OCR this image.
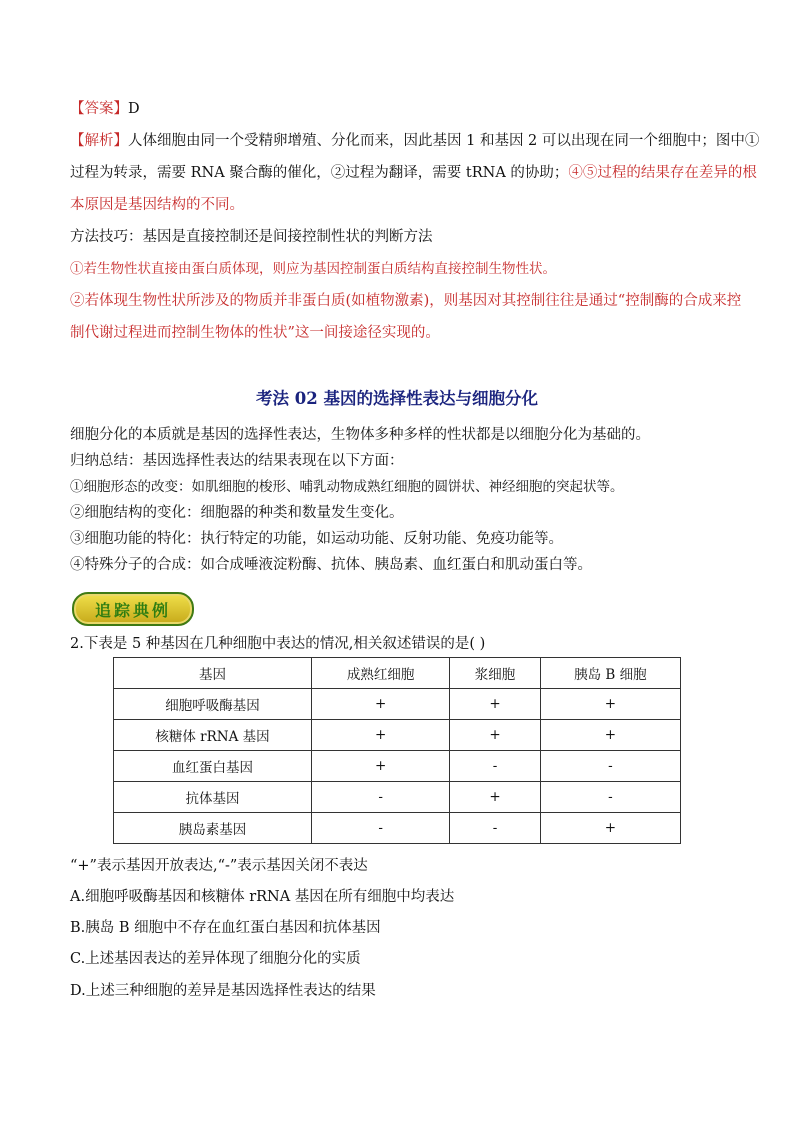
【答案】D
【解析】人体细胞由同一个受精卵增殖、分化而来，因此基因 1 和基因 2 可以出现在同一个细胞中；图中①
过程为转录，需要 RNA 聚合酶的催化，②过程为翻译，需要 tRNA 的协助；④⑤过程的结果存在差异的根
本原因是基因结构的不同。
方法技巧：基因是直接控制还是间接控制性状的判断方法
①若生物性状直接由蛋白质体现，则应为基因控制蛋白质结构直接控制生物性状。
②若体现生物性状所涉及的物质并非蛋白质(如植物激素)，则基因对其控制往往是通过“控制酶的合成来控
制代谢过程进而控制生物体的性状”这一间接途径实现的。
考法 02 基因的选择性表达与细胞分化
细胞分化的本质就是基因的选择性表达，生物体多种多样的性状都是以细胞分化为基础的。
归纳总结：基因选择性表达的结果表现在以下方面：
①细胞形态的改变：如肌细胞的梭形、哺乳动物成熟红细胞的圆饼状、神经细胞的突起状等。
②细胞结构的变化：细胞器的种类和数量发生变化。
③细胞功能的特化：执行特定的功能，如运动功能、反射功能、免疫功能等。
④特殊分子的合成：如合成唾液淀粉酶、抗体、胰岛素、血红蛋白和肌动蛋白等。
追踪典例
2.下表是 5 种基因在几种细胞中表达的情况,相关叙述错误的是( )
基因	成熟红细胞	浆细胞	胰岛 B 细胞
细胞呼吸酶基因	+	+	+
核糖体 rRNA 基因	+	+	+
血红蛋白基因	+	-	-
抗体基因	-	+	-
胰岛素基因	-	-	+
“+”表示基因开放表达,“-”表示基因关闭不表达
A.细胞呼吸酶基因和核糖体 rRNA 基因在所有细胞中均表达
B.胰岛 B 细胞中不存在血红蛋白基因和抗体基因
C.上述基因表达的差异体现了细胞分化的实质
D.上述三种细胞的差异是基因选择性表达的结果
